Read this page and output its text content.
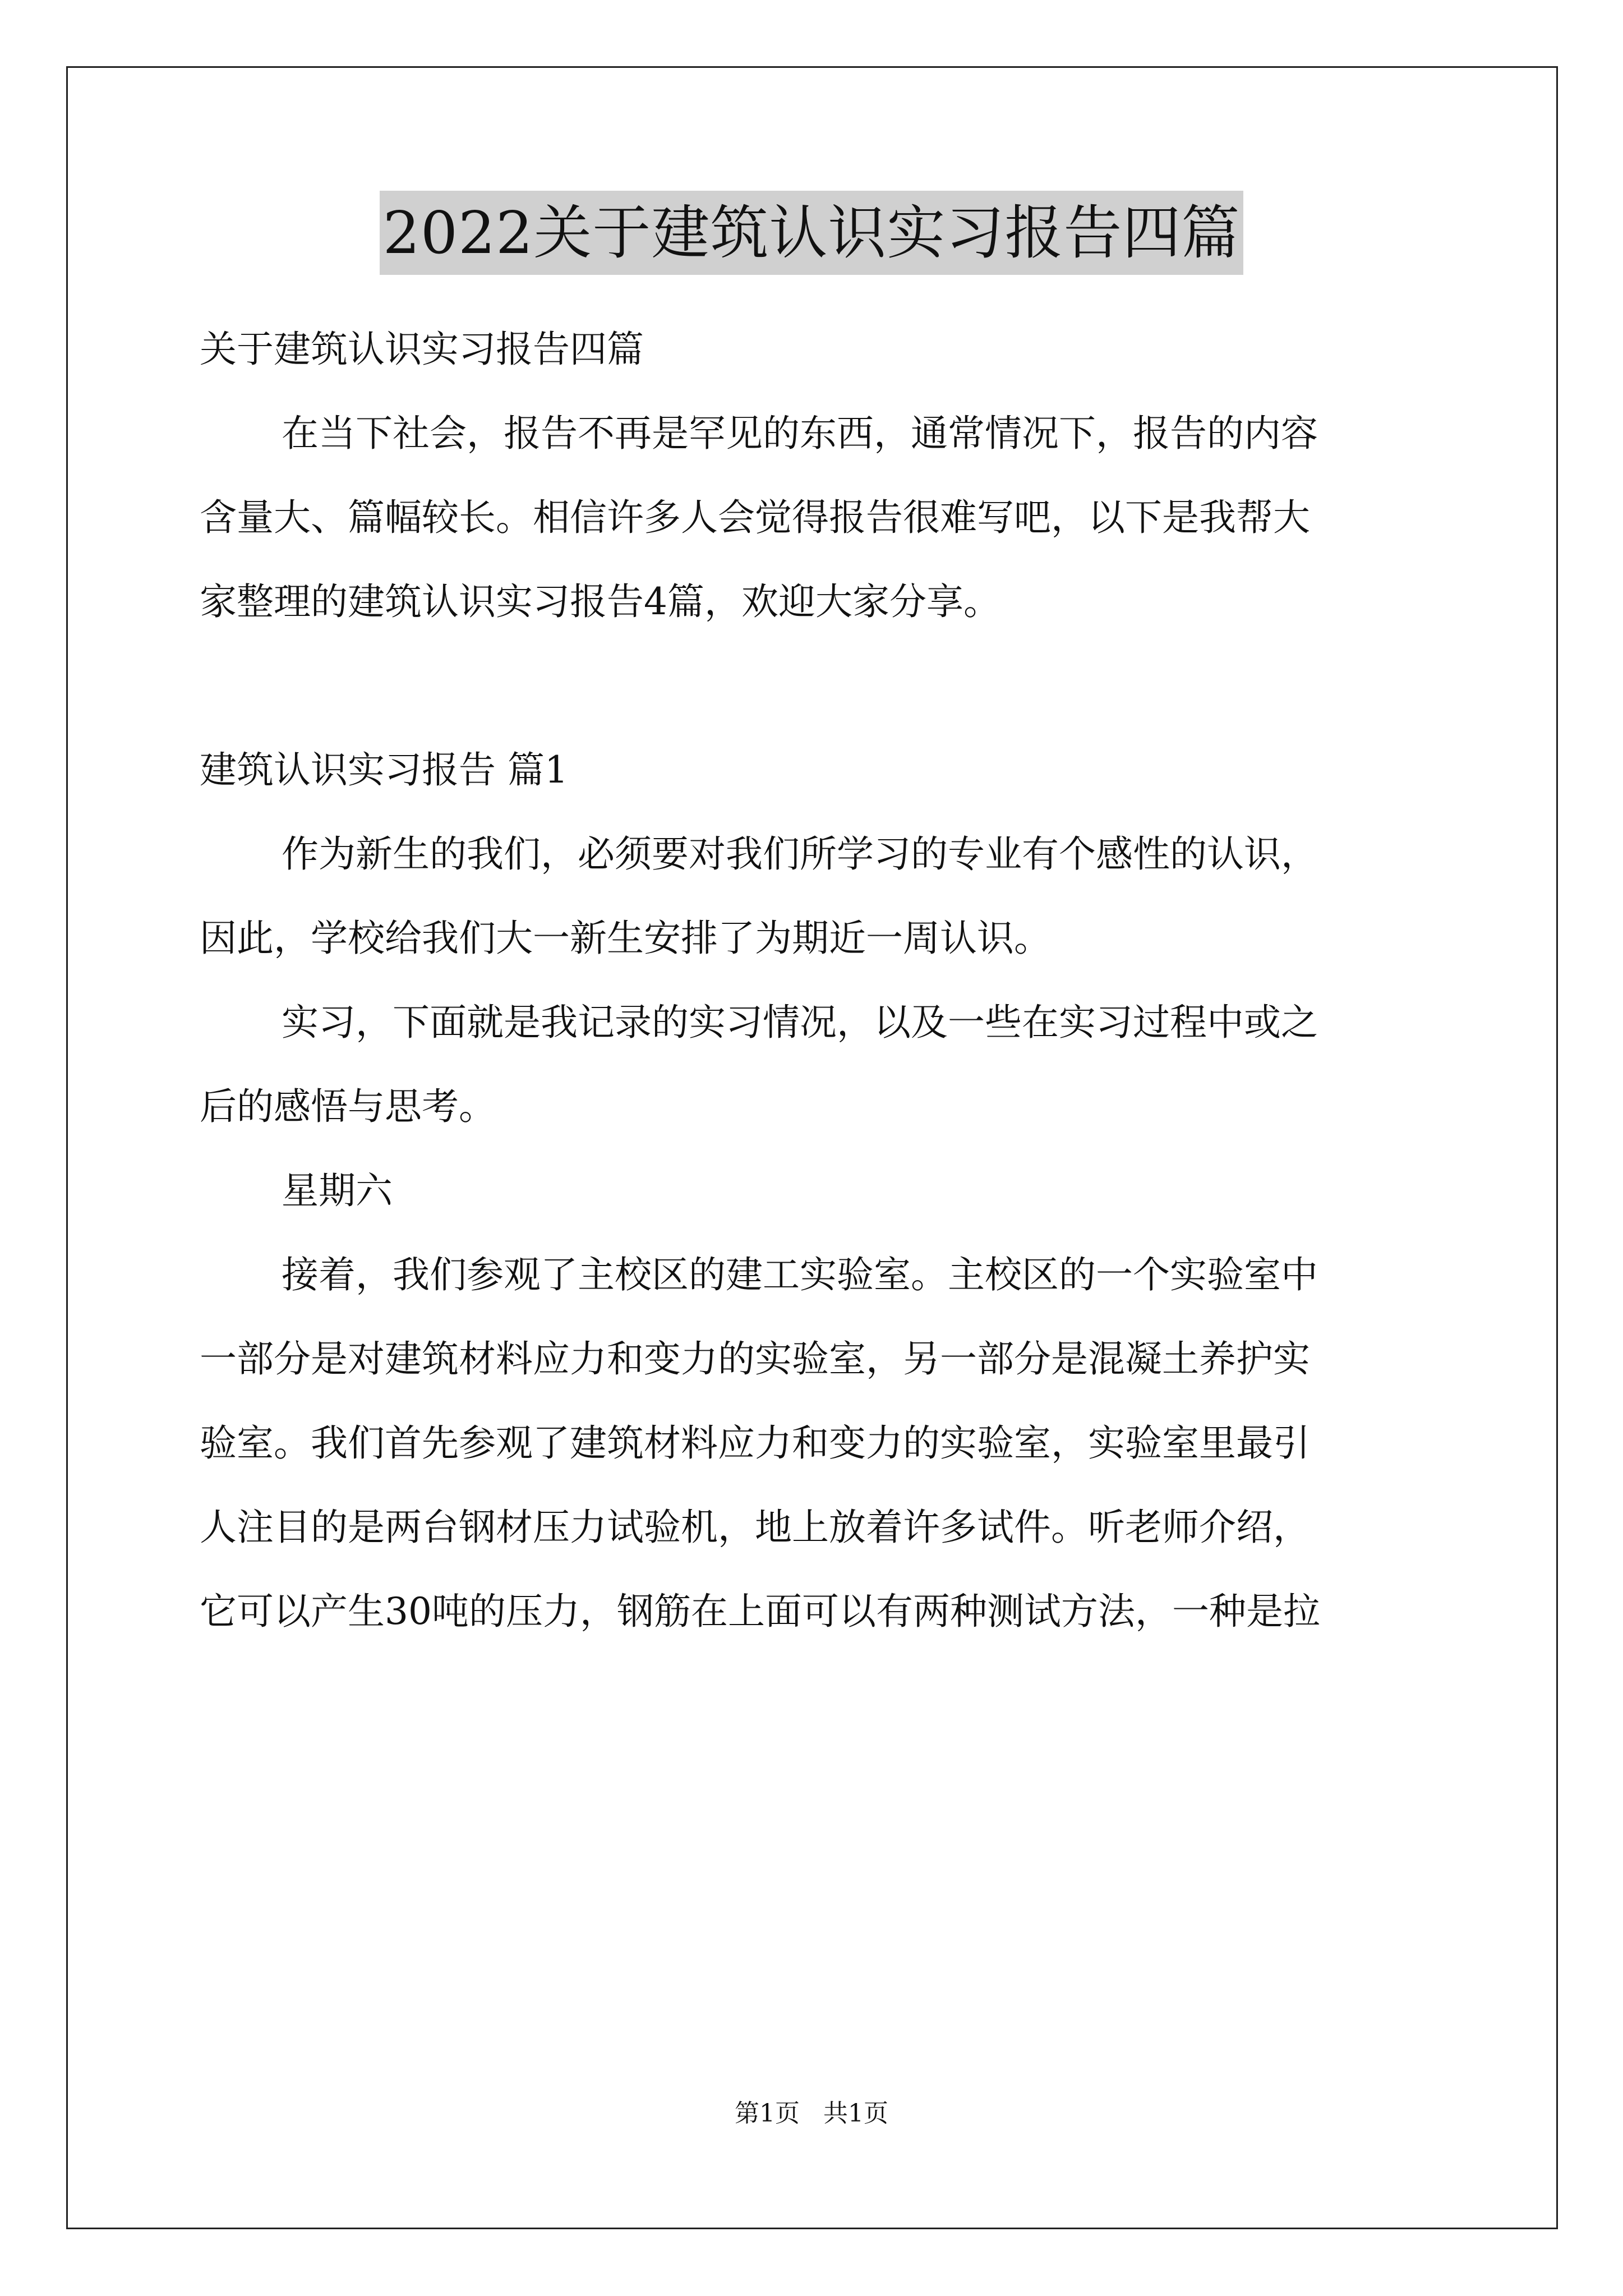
2022关于建筑认识实习报告四篇
关于建筑认识实习报告四篇
在当下社会，报告不再是罕见的东西，通常情况下，报告的内容
含量大、篇幅较长。相信许多人会觉得报告很难写吧，以下是我帮大
家整理的建筑认识实习报告4篇，欢迎大家分享。
建筑认识实习报告 篇1
作为新生的我们，必须要对我们所学习的专业有个感性的认识，
因此，学校给我们大一新生安排了为期近一周认识。
实习，下面就是我记录的实习情况，以及一些在实习过程中或之
后的感悟与思考。
星期六
接着，我们参观了主校区的建工实验室。主校区的一个实验室中
一部分是对建筑材料应力和变力的实验室，另一部分是混凝土养护实
验室。我们首先参观了建筑材料应力和变力的实验室，实验室里最引
人注目的是两台钢材压力试验机，地上放着许多试件。听老师介绍，
它可以产生30吨的压力，钢筋在上面可以有两种测试方法，一种是拉
第1页 共1页
